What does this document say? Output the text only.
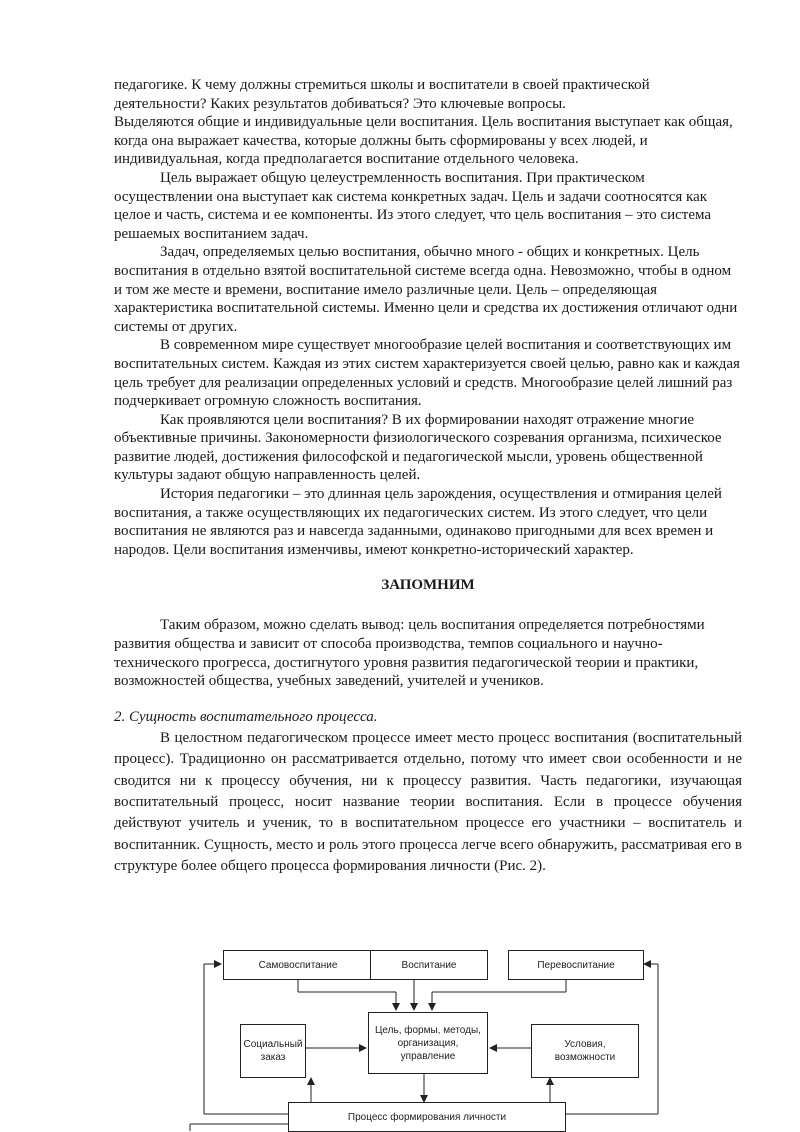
педагогике. К чему должны стремиться школы и воспитатели в своей практической деятельности? Каких результатов добиваться? Это ключевые вопросы.

Выделяются общие и индивидуальные цели воспитания. Цель воспитания выступает как общая, когда она выражает качества, которые должны быть сформированы у всех людей, и индивидуальная, когда предполагается воспитание отдельного человека.

Цель выражает общую целеустремленность воспитания. При практическом осуществлении она выступает как система конкретных задач. Цель и задачи соотносятся как целое и часть, система и ее компоненты. Из этого следует, что цель воспитания – это система решаемых воспитанием задач.

Задач, определяемых целью воспитания, обычно много - общих и конкретных. Цель воспитания в отдельно взятой воспитательной системе всегда одна. Невозможно, чтобы в одном и том же месте и времени, воспитание имело различные цели. Цель – определяющая характеристика воспитательной системы. Именно цели и средства их достижения отличают одни системы от других.

В современном мире существует многообразие целей воспитания и соответствующих им воспитательных систем. Каждая из этих систем характеризуется своей целью, равно как и каждая цель требует для реализации определенных условий и средств. Многообразие целей лишний раз подчеркивает огромную сложность воспитания.

Как проявляются цели воспитания? В их формировании находят отражение многие объективные причины. Закономерности физиологического созревания организма, психическое развитие людей, достижения философской и педагогической мысли, уровень общественной культуры задают общую направленность целей.

История педагогики – это длинная цель зарождения, осуществления и отмирания целей воспитания, а также осуществляющих их педагогических систем. Из этого следует, что цели воспитания не являются раз и навсегда заданными, одинаково пригодными для всех времен и народов. Цели воспитания изменчивы, имеют конкретно-исторический характер.

ЗАПОМНИМ

Таким образом, можно сделать вывод: цель воспитания определяется потребностями развития общества и зависит от способа производства, темпов социального и научно-технического прогресса, достигнутого уровня развития педагогической теории и практики, возможностей общества, учебных заведений, учителей и учеников.

2. Сущность воспитательного процесса.

В целостном педагогическом процессе имеет место процесс воспитания (воспитательный процесс). Традиционно он рассматривается отдельно, потому что имеет свои особенности и не сводится ни к процессу обучения, ни к процессу развития. Часть педагогики, изучающая воспитательный процесс, носит название теории воспитания. Если в процессе обучения действуют учитель и ученик, то в воспитательном процессе его участники – воспитатель и воспитанник. Сущность, место и роль этого процесса легче всего обнаружить, рассматривая его в структуре более общего процесса формирования личности (Рис. 2).

Самовоспитание	Воспитание	Перевоспитание
Социальный заказ
Цель, формы, методы, организация, управление
Условия, возможности
Процесс формирования личности
